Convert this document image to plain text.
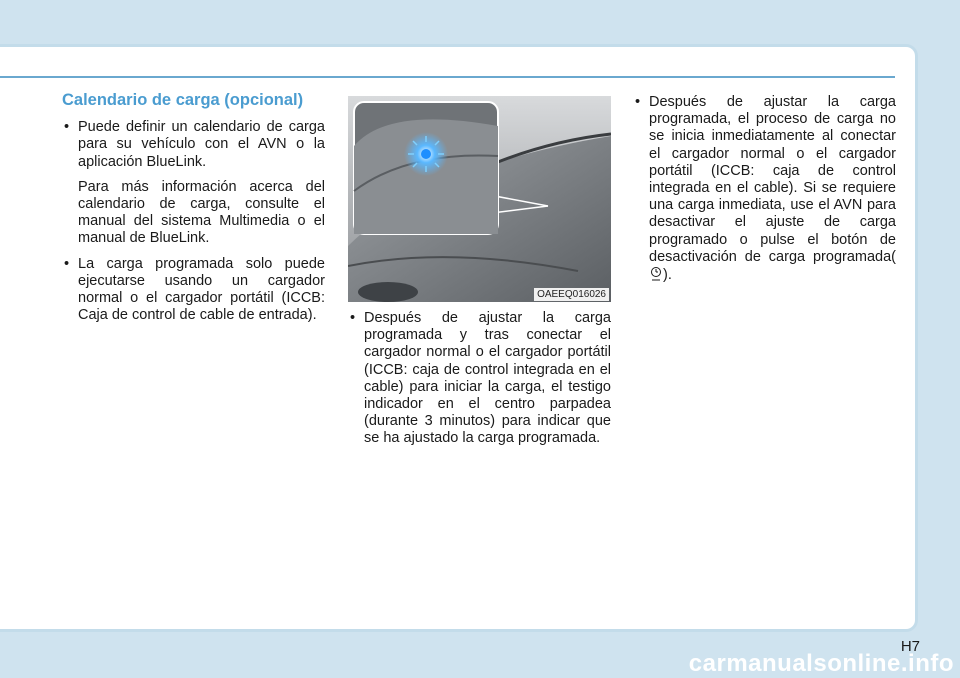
Calendario de carga (opcional)
• Puede definir un calendario de carga para su vehículo con el AVN o la aplicación BlueLink.
Para más información acerca del calendario de carga, consulte el manual del sistema Multimedia o el manual de BlueLink.
• La carga programada solo puede ejecutarse usando un cargador normal o el cargador portátil (ICCB: Caja de control de cable de entrada).
OAEEQ016026
• Después de ajustar la carga programada y tras conectar el cargador normal o el cargador portátil (ICCB: caja de control integrada en el cable) para iniciar la carga, el testigo indicador en el centro parpadea (durante 3 minutos) para indicar que se ha ajustado la carga programada.
• Después de ajustar la carga programada, el proceso de carga no se inicia inmediatamente al conectar el cargador normal o el cargador portátil (ICCB: caja de control integrada en el cable). Si se requiere una carga inmediata, use el AVN para desactivar el ajuste de carga programado o pulse el botón de desactivación de carga programada().
H7
carmanualsonline.info
